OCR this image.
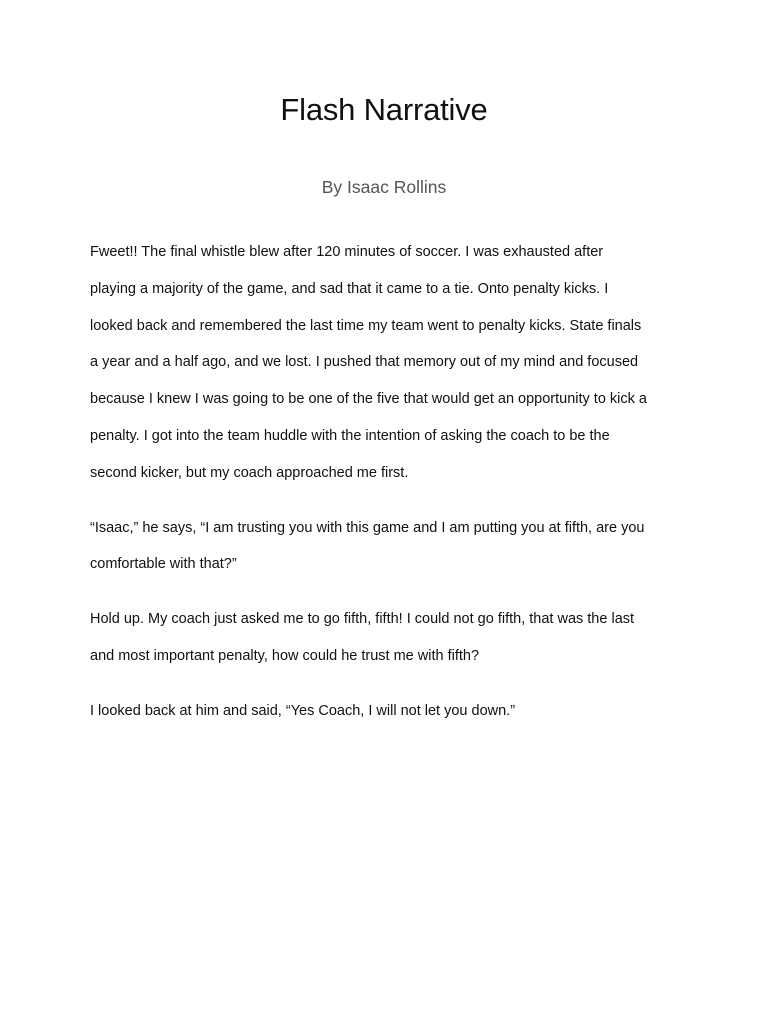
Flash Narrative

By Isaac Rollins

Fweet!! The final whistle blew after 120 minutes of soccer. I was exhausted after
playing a majority of the game, and sad that it came to a tie. Onto penalty kicks. I
looked back and remembered the last time my team went to penalty kicks. State finals
a year and a half ago, and we lost. I pushed that memory out of my mind and focused
because I knew I was going to be one of the five that would get an opportunity to kick a
penalty. I got into the team huddle with the intention of asking the coach to be the
second kicker, but my coach approached me first.

“Isaac,” he says, “I am trusting you with this game and I am putting you at fifth, are you
comfortable with that?”

Hold up. My coach just asked me to go fifth, fifth! I could not go fifth, that was the last
and most important penalty, how could he trust me with fifth?

I looked back at him and said, “Yes Coach, I will not let you down.”
